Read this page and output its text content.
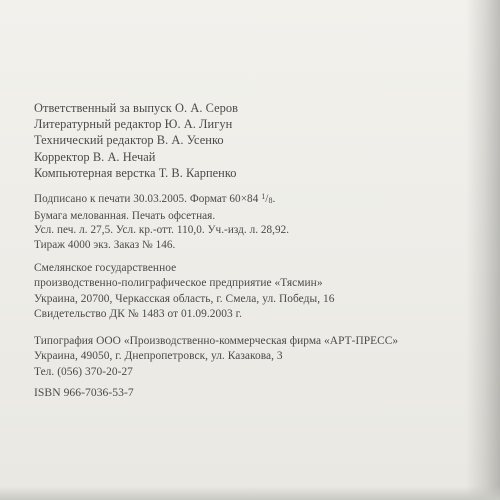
Ответственный за выпуск О. А. Серов
Литературный редактор Ю. А. Лигун
Технический редактор В. А. Усенко
Корректор В. А. Нечай
Компьютерная верстка Т. В. Карпенко
Подписано к печати 30.03.2005. Формат 60×84 $^1/_8$.
Бумага мелованная. Печать офсетная.
Усл. печ. л. 27,5. Усл. кр.-отт. 110,0. Уч.-изд. л. 28,92.
Тираж 4000 экз. Заказ № 146.
Смелянское государственное
производственно-полиграфическое предприятие «Тясмин»
Украина, 20700, Черкасская область, г. Смела, ул. Победы, 16
Свидетельство ДК № 1483 от 01.09.2003 г.
Типография ООО «Производственно-коммерческая фирма «АРТ-ПРЕСС»
Украина, 49050, г. Днепропетровск, ул. Казакова, 3
Тел. (056) 370-20-27
ISBN 966-7036-53-7
